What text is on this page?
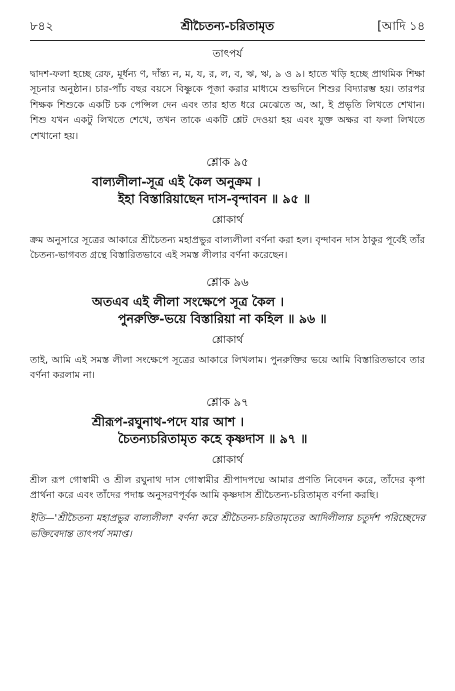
৮৪২	শ্রীচৈতন্য-চরিতামৃত	[আদি ১৪
তাৎপর্য
দ্বাদশ-ফলা হচ্ছে রেফ, মূর্ধন্য ণ, দাঁন্ত্য ন, ম, য, র, ল, ব, ঋ, ঋ, ৯ ও ৯। হাতে খড়ি হচ্ছে প্রাথমিক শিক্ষা সূচনার অনুষ্ঠান। চার-পাঁচ বছর বয়সে বিষ্ণুকে পূজা করার মাধ্যমে শুভদিনে শিশুর বিদ্যারম্ভ হয়। তারপর শিক্ষক শিশুকে একটি চক পেন্সিল দেন এবং তার হাত ধরে মেঝেতে অ, আ, ই প্রভৃতি লিখতে শেখান। শিশু যখন একটু লিখতে শেখে, তখন তাকে একটি শ্লেট দেওয়া হয় এবং যুক্ত অক্ষর বা ফলা লিখতে শেখানো হয়।
শ্লোক ৯৫
বাল্যলীলা-সূত্র এই কৈল অনুক্রম ।
ইহা বিস্তারিয়াছেন দাস-বৃন্দাবন ॥ ৯৫ ॥
শ্লোকার্থ
ক্রম অনুসারে সূত্রের আকারে শ্রীচৈতন্য মহাপ্রভুর বাল্যলীলা বর্ণনা করা হল। বৃন্দাবন দাস ঠাকুর পূর্বেই তাঁর চৈতন্য-ভাগবত গ্রন্থে বিস্তারিতভাবে এই সমস্ত লীলার বর্ণনা করেছেন।
শ্লোক ৯৬
অতএব এই লীলা সংক্ষেপে সূত্র কৈল ।
পুনরুক্তি-ভয়ে বিস্তারিয়া না কহিল ॥ ৯৬ ॥
শ্লোকার্থ
তাই, আমি এই সমস্ত লীলা সংক্ষেপে সূত্রের আকারে লিখলাম। পুনরুক্তির ভয়ে আমি বিস্তারিতভাবে তার বর্ণনা করলাম না।
শ্লোক ৯৭
শ্রীরূপ-রঘুনাথ-পদে যার আশ ।
চৈতন্যচরিতামৃত কহে কৃষ্ণদাস ॥ ৯৭ ॥
শ্লোকার্থ
শ্রীল রূপ গোস্বামী ও শ্রীল রঘুনাথ দাস গোস্বামীর শ্রীপাদপদ্মে আমার প্রণতি নিবেদন করে, তাঁদের কৃপা প্রার্থনা করে এবং তাঁদের পদাঙ্ক অনুসরণপূর্বক আমি কৃষ্ণদাস শ্রীচৈতন্য-চরিতামৃত বর্ণনা করছি।
ইতি—'শ্রীচৈতন্য মহাপ্রভুর বাল্যলীলা' বর্ণনা করে শ্রীচৈতন্য-চরিতামৃতের আদিলীলার চতুর্দশ পরিচ্ছেদের ভক্তিবেদান্ত তাৎপর্য সমাপ্ত।
